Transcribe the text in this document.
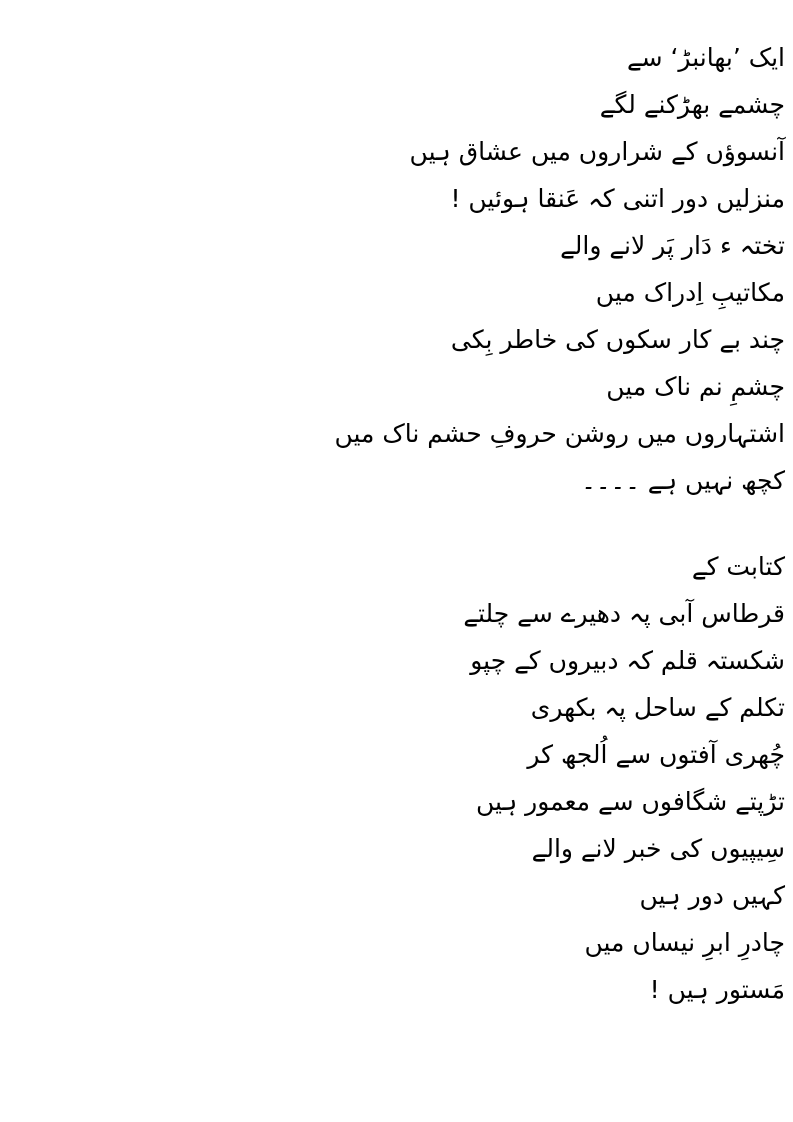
ایک ’بھانبڑ‘ سے
چشمے بھڑکنے لگے
آنسوؤں کے شراروں میں عشاق ہیں
منزلیں دور اتنی کہ عَنقا ہوئیں !
تختہ ء دَار پَر لانے والے
مکاتیبِ اِدراک میں
چند بے کار سکوں کی خاطر بِکی
چشمِ نم ناک میں
اشتہاروں میں روشن حروفِ حشم ناک میں
کچھ نہیں ہے ۔۔۔۔
کتابت کے
قرطاس آبی پہ دھیرے سے چلتے
شکستہ قلم کہ دبیروں کے چپو
تکلم کے ساحل پہ بکھری
چُھری آفتوں سے اُلجھ کر
تڑپتے شگافوں سے معمور ہیں
سِیپیوں کی خبر لانے والے
کہیں دور ہیں
چادرِ ابرِ نیساں میں
مَستور ہیں !
